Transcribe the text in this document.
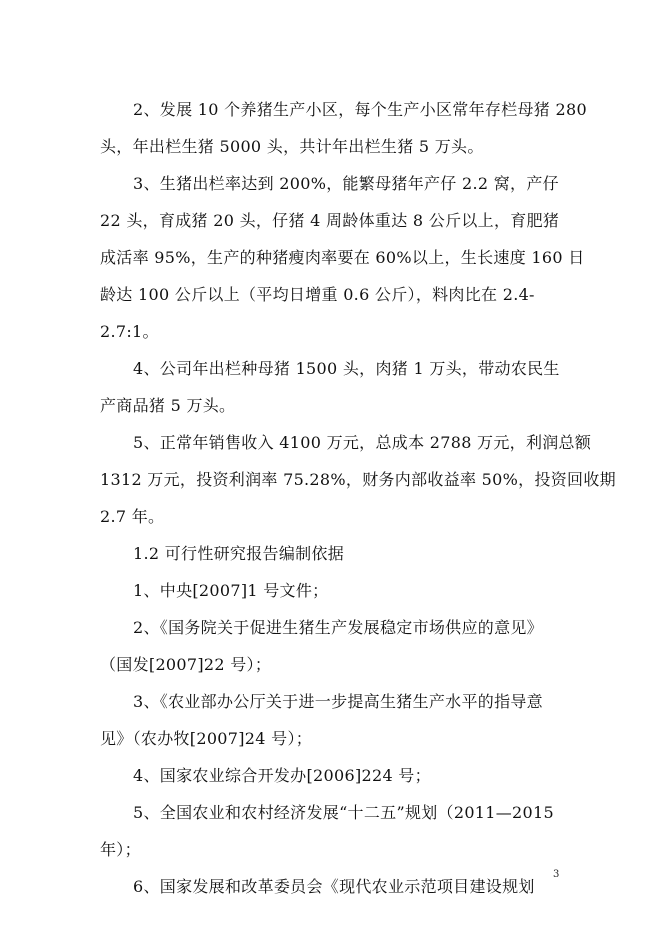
2、发展 10 个养猪生产小区，每个生产小区常年存栏母猪 280
头，年出栏生猪 5000 头，共计年出栏生猪 5 万头。
3、生猪出栏率达到 200%，能繁母猪年产仔 2.2 窝，产仔
22 头，育成猪 20 头，仔猪 4 周龄体重达 8 公斤以上，育肥猪
成活率 95%，生产的种猪瘦肉率要在 60%以上，生长速度 160 日
龄达 100 公斤以上（平均日增重 0.6 公斤），料肉比在 2.4-
2.7:1。
4、公司年出栏种母猪 1500 头，肉猪 1 万头，带动农民生
产商品猪 5 万头。
5、正常年销售收入 4100 万元，总成本 2788 万元，利润总额
1312 万元，投资利润率 75.28%，财务内部收益率 50%，投资回收期
2.7 年。
1.2 可行性研究报告编制依据
1、中央[2007]1 号文件；
2、《国务院关于促进生猪生产发展稳定市场供应的意见》
（国发[2007]22 号）；
3、《农业部办公厅关于进一步提高生猪生产水平的指导意
见》（农办牧[2007]24 号）；
4、国家农业综合开发办[2006]224 号；
5、全国农业和农村经济发展“十二五”规划（2011—2015
年）；
6、国家发展和改革委员会《现代农业示范项目建设规划
3
